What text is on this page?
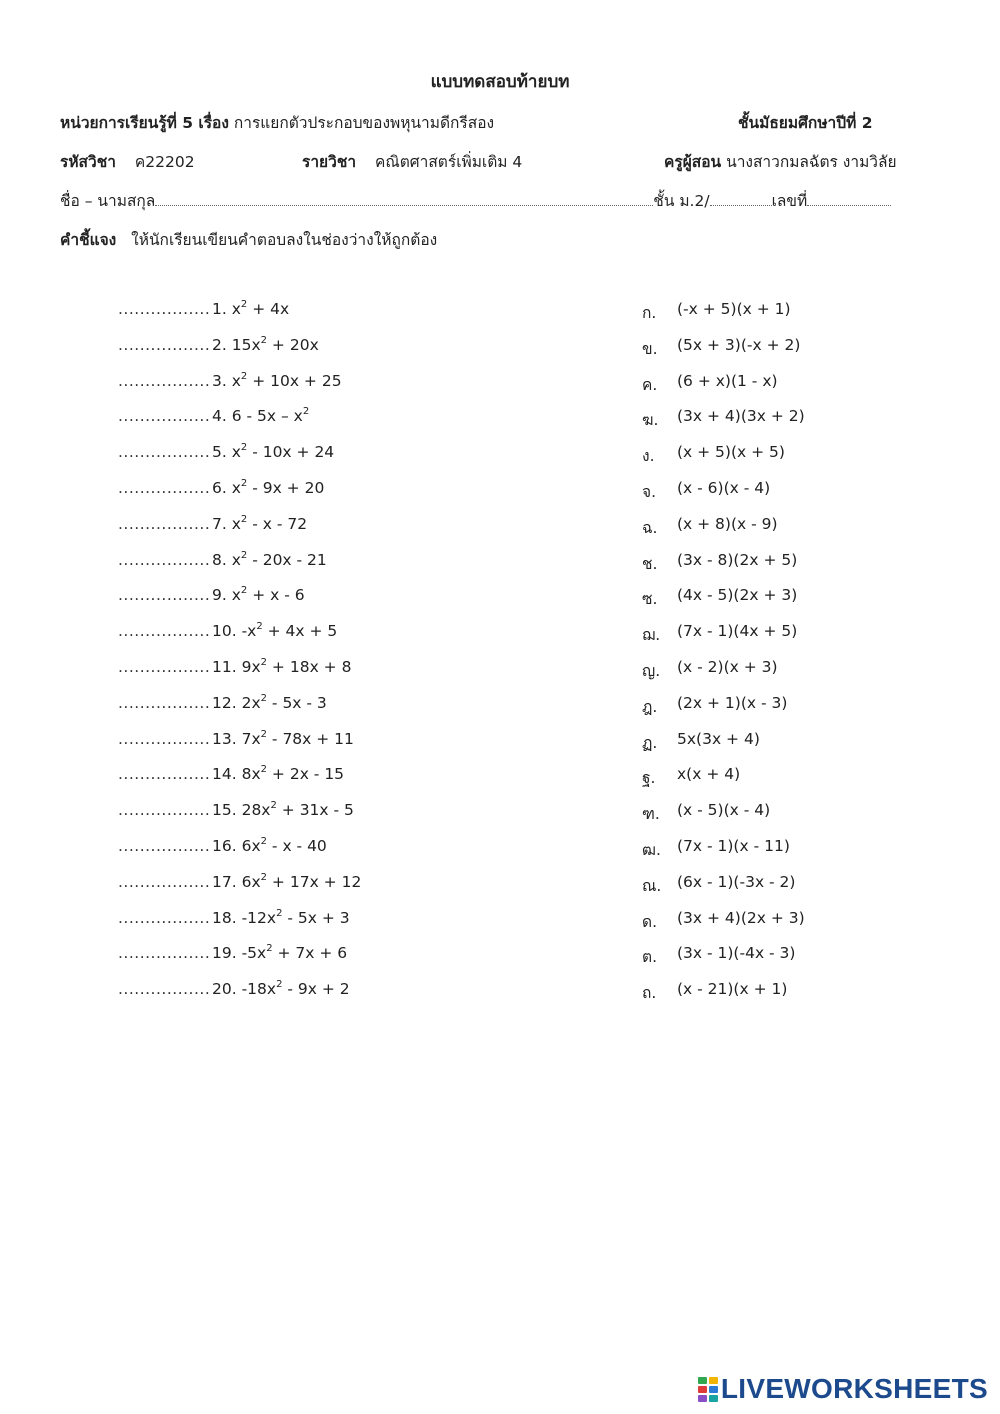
แบบทดสอบท้ายบท
หน่วยการเรียนรู้ที่ 5 เรื่อง การแยกตัวประกอบของพหุนามดีกรีสอง	ชั้นมัธยมศึกษาปีที่ 2
รหัสวิชา ค22202	รายวิชา คณิตศาสตร์เพิ่มเติม 4	ครูผู้สอน นางสาวกมลฉัตร งามวิลัย
ชื่อ – นามสกุล	ชั้น ม.2/	เลขที่
คำชี้แจง ให้นักเรียนเขียนคำตอบลงในช่องว่างให้ถูกต้อง
................. 1. $x^2 + 4x$	ก. (-x + 5)(x + 1)
................. 2. $15x^2 + 20x$	ข. (5x + 3)(-x + 2)
................. 3. $x^2 + 10x + 25$	ค. (6 + x)(1 - x)
................. 4. $6 - 5x - x^2$	ฆ. (3x + 4)(3x + 2)
................. 5. $x^2 - 10x + 24$	ง. (x + 5)(x + 5)
................. 6. $x^2 - 9x + 20$	จ. (x - 6)(x - 4)
................. 7. $x^2$ - x - 72	ฉ. (x + 8)(x - 9)
................. 8. $x^2 - 20x - 21$	ช. (3x - 8)(2x + 5)
................. 9. $x^2 + x - 6$	ซ. (4x - 5)(2x + 3)
................. 10. $-x^2 + 4x + 5$	ฌ. (7x - 1)(4x + 5)
................. 11. $9x^2 + 18x + 8$	ญ. (x - 2)(x + 3)
................. 12. $2x^2 - 5x - 3$	ฎ. (2x + 1)(x - 3)
................. 13. $7x^2 - 78x + 11$	ฏ. 5x(3x + 4)
................. 14. $8x^2 + 2x - 15$	ฐ. x(x + 4)
................. 15. $28x^2 + 31x - 5$	ฑ. (x - 5)(x - 4)
................. 16. $6x^2$ - x - 40	ฒ. (7x - 1)(x - 11)
................. 17. $6x^2 + 17x + 12$	ณ. (6x - 1)(-3x - 2)
................. 18. $-12x^2 - 5x + 3$	ด. (3x + 4)(2x + 3)
................. 19. $-5x^2 + 7x + 6$	ต. (3x - 1)(-4x - 3)
................. 20. $-18x^2 - 9x + 2$	ถ. (x - 21)(x + 1)
LIVEWORKSHEETS
